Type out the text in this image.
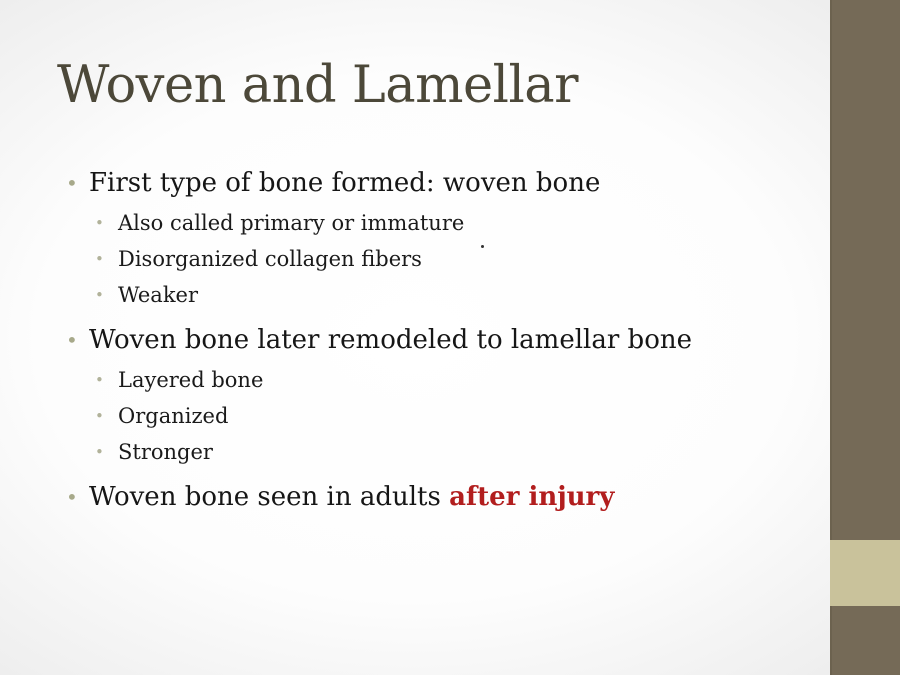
Woven and Lamellar
• First type of bone formed: woven bone
• Also called primary or immature
• Disorganized collagen fibers
• Weaker
• Woven bone later remodeled to lamellar bone
• Layered bone
• Organized
• Stronger
• Woven bone seen in adults after injury
